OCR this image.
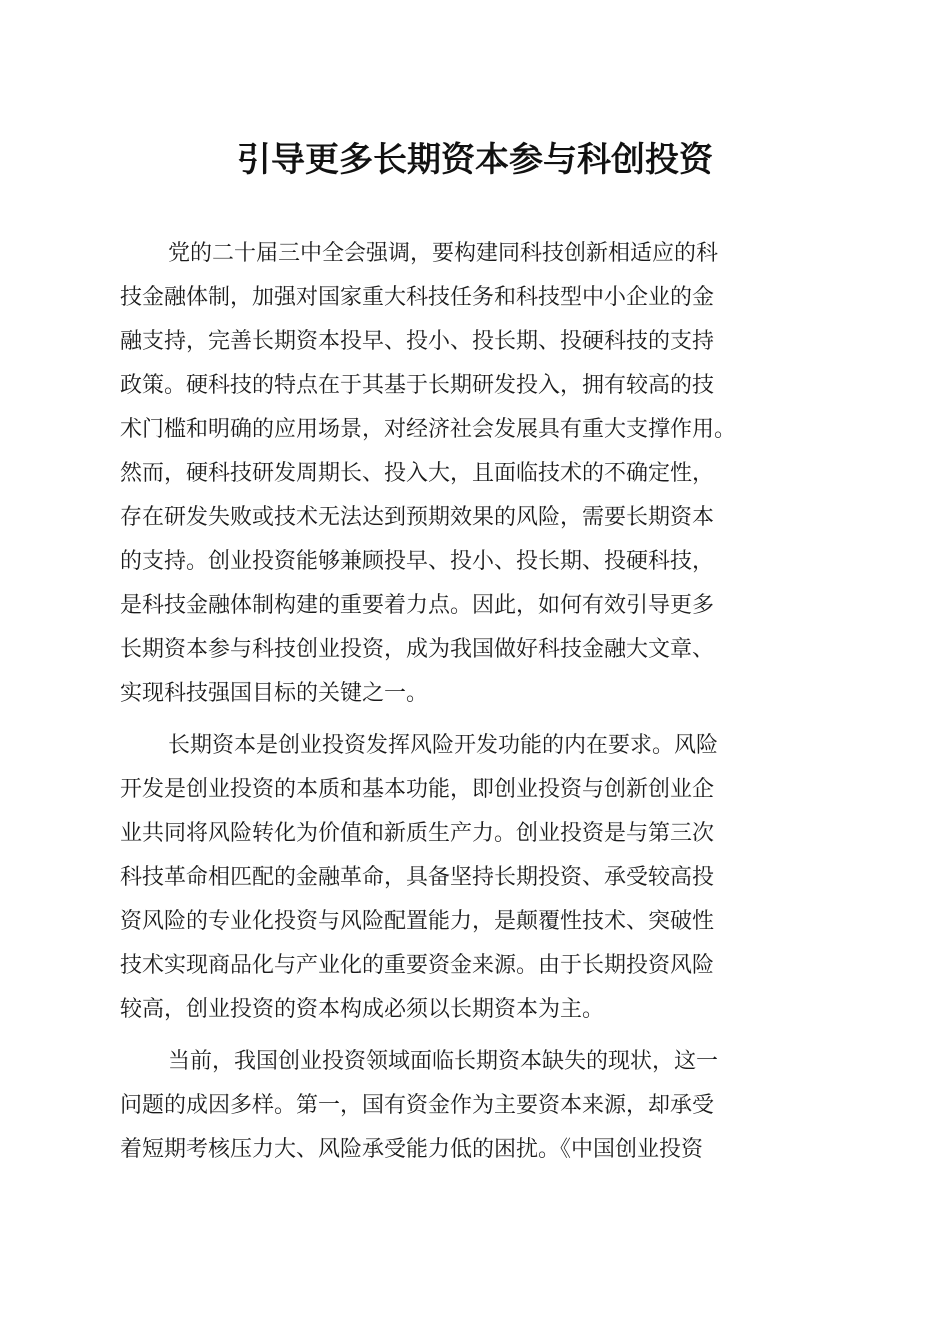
引导更多长期资本参与科创投资
党的二十届三中全会强调，要构建同科技创新相适应的科
技金融体制，加强对国家重大科技任务和科技型中小企业的金
融支持，完善长期资本投早、投小、投长期、投硬科技的支持
政策。硬科技的特点在于其基于长期研发投入，拥有较高的技
术门槛和明确的应用场景，对经济社会发展具有重大支撑作用。
然而，硬科技研发周期长、投入大，且面临技术的不确定性，
存在研发失败或技术无法达到预期效果的风险，需要长期资本
的支持。创业投资能够兼顾投早、投小、投长期、投硬科技，
是科技金融体制构建的重要着力点。因此，如何有效引导更多
长期资本参与科技创业投资，成为我国做好科技金融大文章、
实现科技强国目标的关键之一。
长期资本是创业投资发挥风险开发功能的内在要求。风险
开发是创业投资的本质和基本功能，即创业投资与创新创业企
业共同将风险转化为价值和新质生产力。创业投资是与第三次
科技革命相匹配的金融革命，具备坚持长期投资、承受较高投
资风险的专业化投资与风险配置能力，是颠覆性技术、突破性
技术实现商品化与产业化的重要资金来源。由于长期投资风险
较高，创业投资的资本构成必须以长期资本为主。
当前，我国创业投资领域面临长期资本缺失的现状，这一
问题的成因多样。第一，国有资金作为主要资本来源，却承受
着短期考核压力大、风险承受能力低的困扰。《中国创业投资
